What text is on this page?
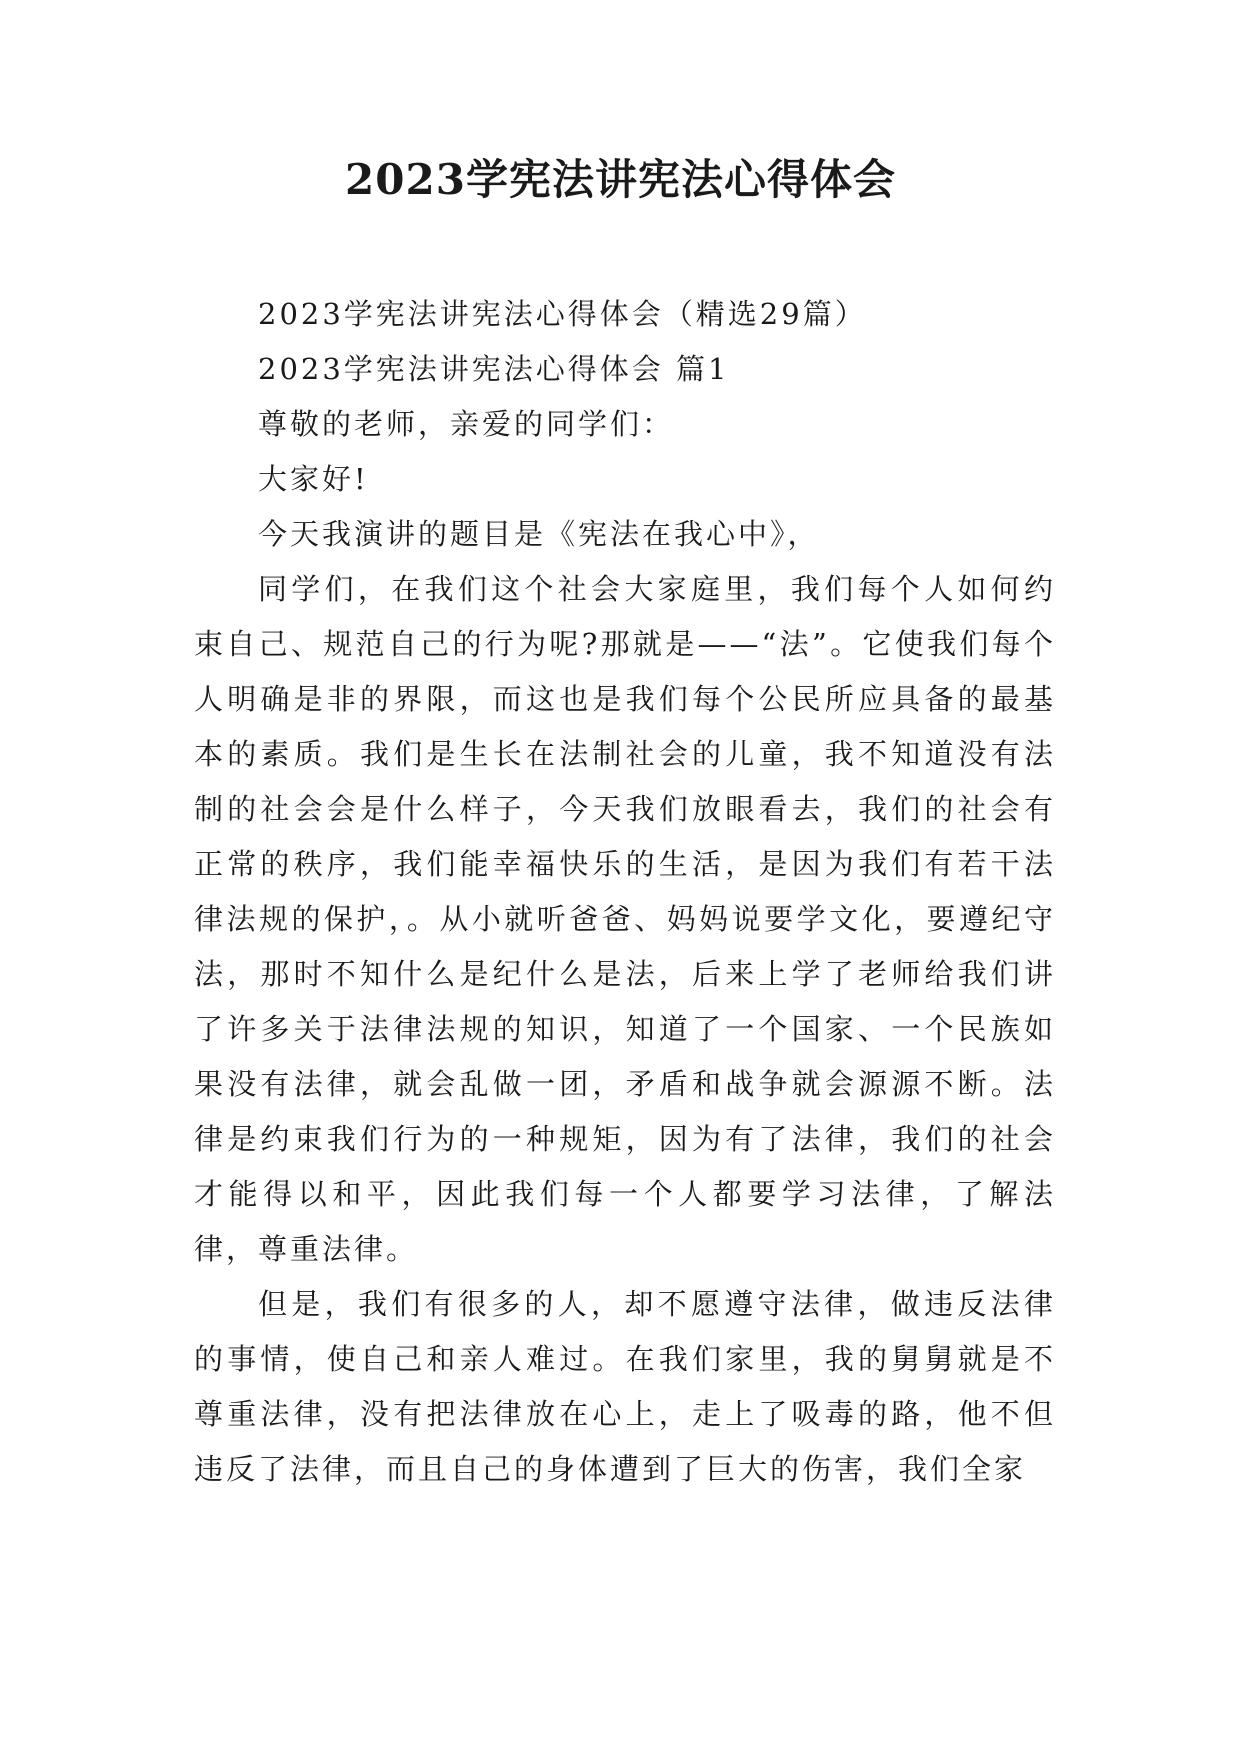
2023学宪法讲宪法心得体会

2023学宪法讲宪法心得体会（精选29篇）

2023学宪法讲宪法心得体会 篇1

尊敬的老师，亲爱的同学们：

大家好!

今天我演讲的题目是《宪法在我心中》，

同学们，在我们这个社会大家庭里，我们每个人如何约束自己、规范自己的行为呢?那就是——“法”。它使我们每个人明确是非的界限，而这也是我们每个公民所应具备的最基本的素质。我们是生长在法制社会的儿童，我不知道没有法制的社会会是什么样子，今天我们放眼看去，我们的社会有正常的秩序，我们能幸福快乐的生活，是因为我们有若干法律法规的保护，。从小就听爸爸、妈妈说要学文化，要遵纪守法，那时不知什么是纪什么是法，后来上学了老师给我们讲了许多关于法律法规的知识，知道了一个国家、一个民族如果没有法律，就会乱做一团，矛盾和战争就会源源不断。法律是约束我们行为的一种规矩，因为有了法律，我们的社会才能得以和平，因此我们每一个人都要学习法律，了解法律，尊重法律。

但是，我们有很多的人，却不愿遵守法律，做违反法律的事情，使自己和亲人难过。在我们家里，我的舅舅就是不尊重法律，没有把法律放在心上，走上了吸毒的路，他不但违反了法律，而且自己的身体遭到了巨大的伤害，我们全家
